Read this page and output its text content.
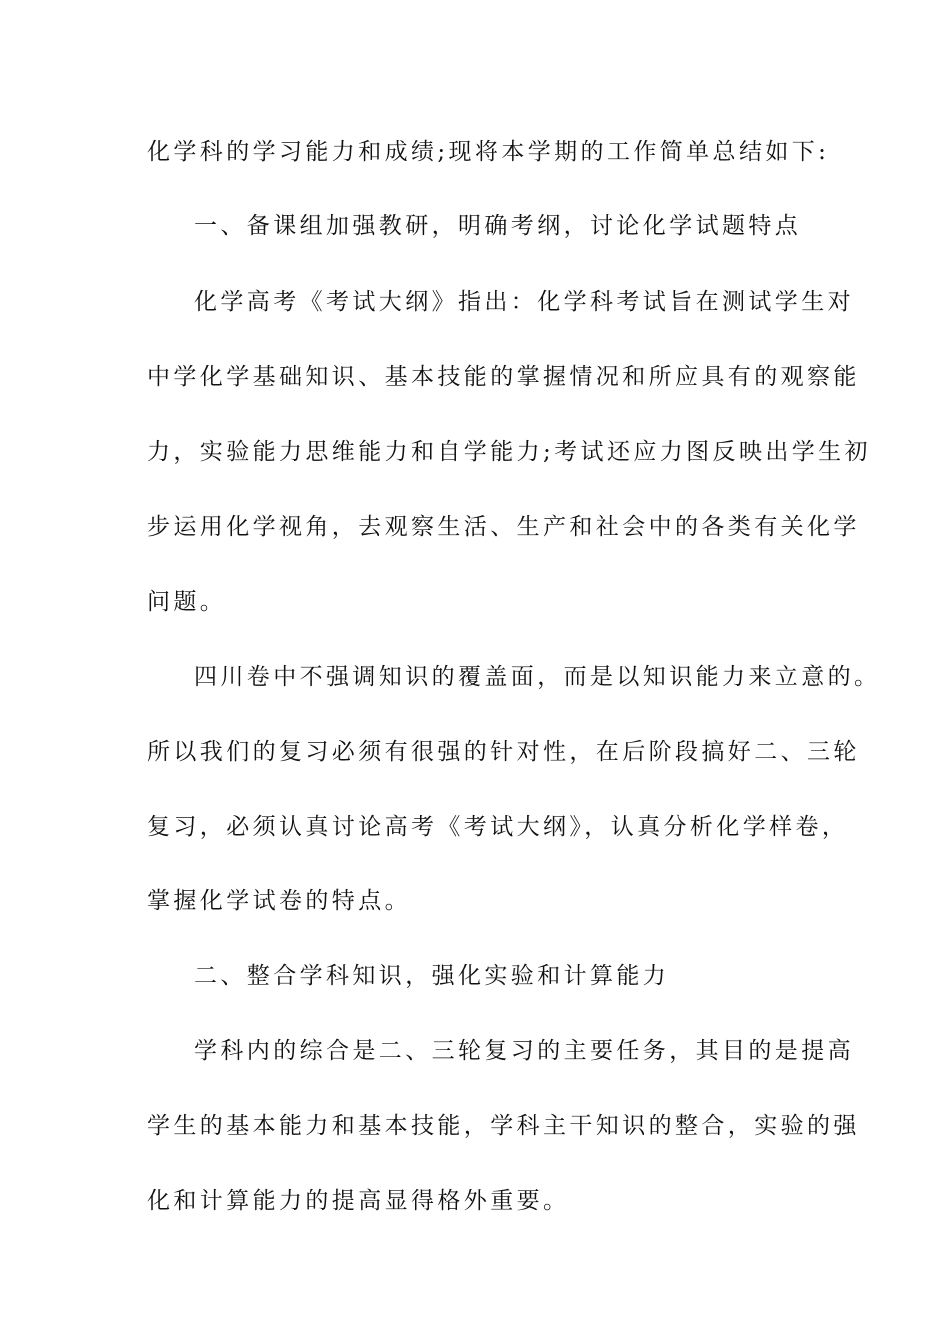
化学科的学习能力和成绩;现将本学期的工作简单总结如下:
一、备课组加强教研，明确考纲，讨论化学试题特点
化学高考《考试大纲》指出：化学科考试旨在测试学生对
中学化学基础知识、基本技能的掌握情况和所应具有的观察能
力，实验能力思维能力和自学能力;考试还应力图反映出学生初
步运用化学视角，去观察生活、生产和社会中的各类有关化学
问题。
四川卷中不强调知识的覆盖面，而是以知识能力来立意的。
所以我们的复习必须有很强的针对性，在后阶段搞好二、三轮
复习，必须认真讨论高考《考试大纲》，认真分析化学样卷，
掌握化学试卷的特点。
二、整合学科知识，强化实验和计算能力
学科内的综合是二、三轮复习的主要任务，其目的是提高
学生的基本能力和基本技能，学科主干知识的整合，实验的强
化和计算能力的提高显得格外重要。
